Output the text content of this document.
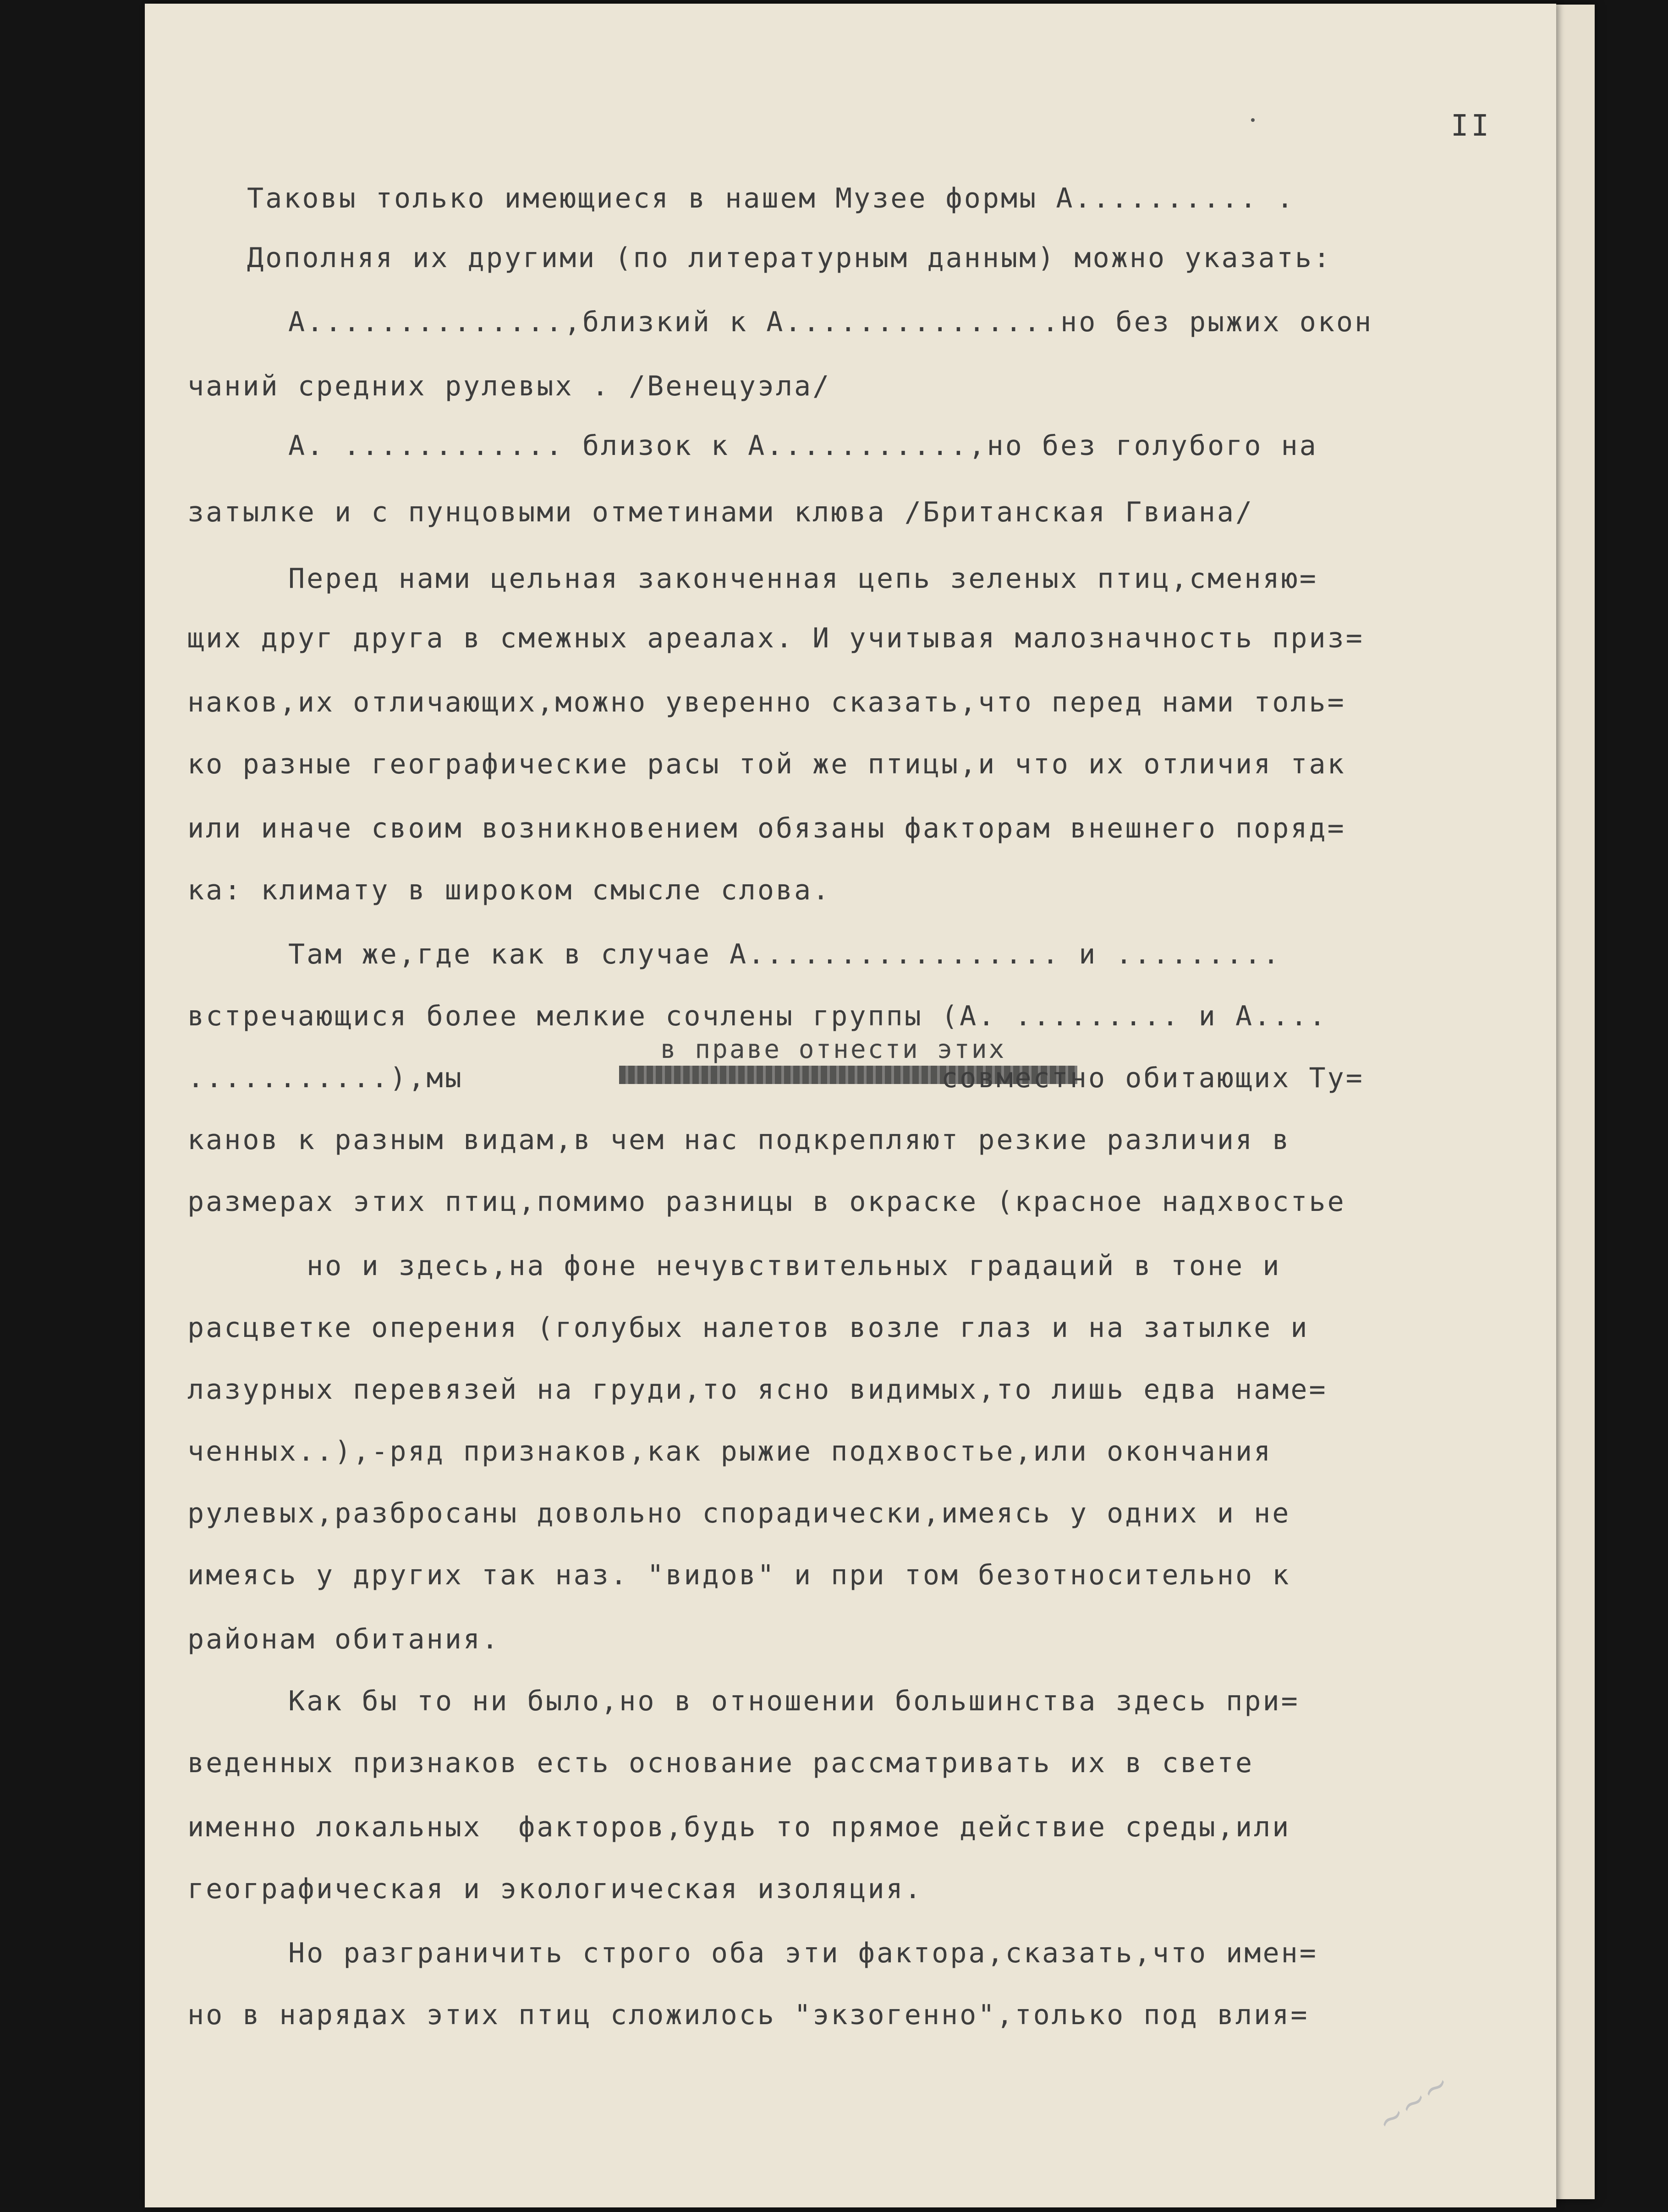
II
Таковы только имеющиеся в нашем Музее формы А.......... .
Дополняя их другими (по литературным данным) можно указать:
А..............,близкий к А...............но без рыжих окон
чаний средних рулевых . /Венецуэла/
А. ............ близок к А...........,но без голубого на
затылке и с пунцовыми отметинами клюва /Британская Гвиана/
Перед нами цельная законченная цепь зеленых птиц,сменяю=
щих друг друга в смежных ареалах. И учитывая малозначность приз=
наков,их отличающих,можно уверенно сказать,что перед нами толь=
ко разные географические расы той же птицы,и что их отличия так
или иначе своим возникновением обязаны факторам внешнего поряд=
ка: климату в широком смысле слова.
Там же,где как в случае А................. и .........
встречающися более мелкие сочлены группы (А. ......... и А....
в праве отнести этих
...........),мы                          совместно обитающих Ту=
канов к разным видам,в чем нас подкрепляют резкие различия в
размерах этих птиц,помимо разницы в окраске (красное надхвостье
но и здесь,на фоне нечувствительных градаций в тоне и
расцветке оперения (голубых налетов возле глаз и на затылке и
лазурных перевязей на груди,то ясно видимых,то лишь едва наме=
ченных..),-ряд признаков,как рыжие подхвостье,или окончания
рулевых,разбросаны довольно спорадически,имеясь у одних и не
имеясь у других так наз. "видов" и при том безотносительно к
районам обитания.
Как бы то ни было,но в отношении большинства здесь при=
веденных признаков есть основание рассматривать их в свете
именно локальных  факторов,будь то прямое действие среды,или
географическая и экологическая изоляция.
Но разграничить строго оба эти фактора,сказать,что имен=
но в нарядах этих птиц сложилось "экзогенно",только под влия=
~~~
